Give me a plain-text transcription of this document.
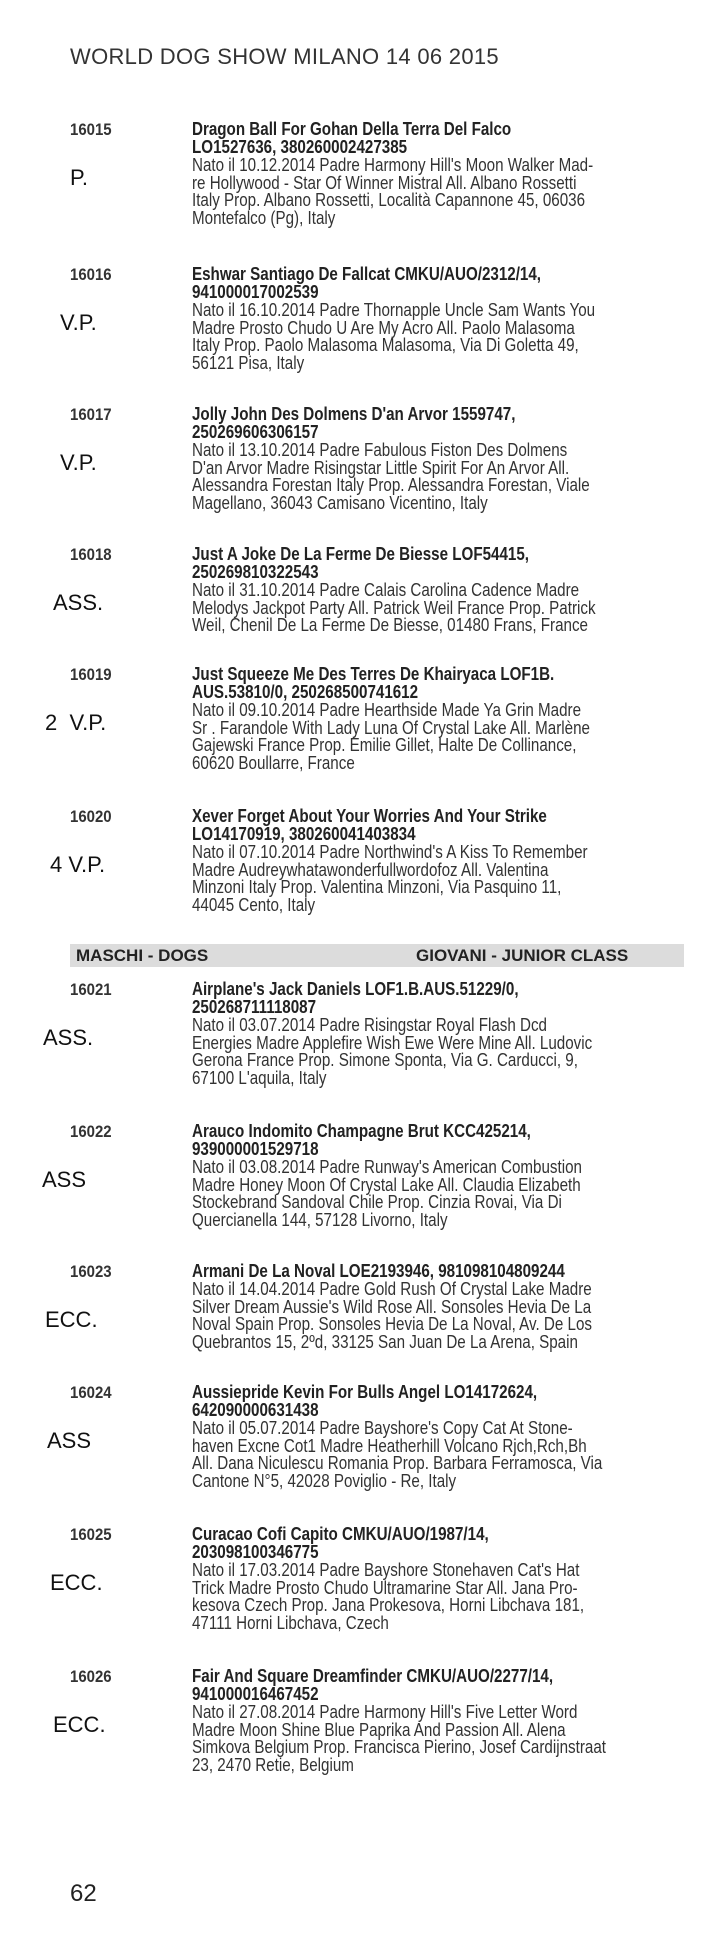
WORLD DOG SHOW MILANO 14 06 2015
16015
P.
Dragon Ball For Gohan Della Terra Del Falco
LO1527636, 380260002427385
Nato il 10.12.2014 Padre Harmony Hill's Moon Walker Mad-
re Hollywood - Star Of Winner Mistral All. Albano Rossetti
Italy Prop. Albano Rossetti, Località Capannone 45, 06036
Montefalco (Pg), Italy
16016
V.P.
Eshwar Santiago De Fallcat CMKU/AUO/2312/14,
941000017002539
Nato il 16.10.2014 Padre Thornapple Uncle Sam Wants You
Madre Prosto Chudo U Are My Acro All. Paolo Malasoma
Italy Prop. Paolo Malasoma Malasoma, Via Di Goletta 49,
56121 Pisa, Italy
16017
V.P.
Jolly John Des Dolmens D'an Arvor 1559747,
250269606306157
Nato il 13.10.2014 Padre Fabulous Fiston Des Dolmens
D'an Arvor Madre Risingstar Little Spirit For An Arvor All.
Alessandra Forestan Italy Prop. Alessandra Forestan, Viale
Magellano, 36043 Camisano Vicentino, Italy
16018
ASS.
Just A Joke De La Ferme De Biesse LOF54415,
250269810322543
Nato il 31.10.2014 Padre Calais Carolina Cadence Madre
Melodys Jackpot Party All. Patrick Weil France Prop. Patrick
Weil, Chenil De La Ferme De Biesse, 01480 Frans, France
16019
2  V.P.
Just Squeeze Me Des Terres De Khairyaca LOF1B.
AUS.53810/0, 250268500741612
Nato il 09.10.2014 Padre Hearthside Made Ya Grin Madre
Sr . Farandole With Lady Luna Of Crystal Lake All. Marlène
Gajewski France Prop. Emilie Gillet, Halte De Collinance,
60620 Boullarre, France
16020
4 V.P.
Xever Forget About Your Worries And Your Strike
LO14170919, 380260041403834
Nato il 07.10.2014 Padre Northwind's A Kiss To Remember
Madre Audreywhatawonderfullwordofoz All. Valentina
Minzoni Italy Prop. Valentina Minzoni, Via Pasquino 11,
44045 Cento, Italy
16021
ASS.
Airplane's Jack Daniels LOF1.B.AUS.51229/0,
250268711118087
Nato il 03.07.2014 Padre Risingstar Royal Flash Dcd
Energies Madre Applefire Wish Ewe Were Mine All. Ludovic
Gerona France Prop. Simone Sponta, Via G. Carducci, 9,
67100 L'aquila, Italy
16022
ASS
Arauco Indomito Champagne Brut KCC425214,
939000001529718
Nato il 03.08.2014 Padre Runway's American Combustion
Madre Honey Moon Of Crystal Lake All. Claudia Elizabeth
Stockebrand Sandoval Chile Prop. Cinzia Rovai, Via Di
Quercianella 144, 57128 Livorno, Italy
16023
ECC.
Armani De La Noval LOE2193946, 981098104809244
Nato il 14.04.2014 Padre Gold Rush Of Crystal Lake Madre
Silver Dream Aussie's Wild Rose All. Sonsoles Hevia De La
Noval Spain Prop. Sonsoles Hevia De La Noval, Av. De Los
Quebrantos 15, 2ºd, 33125 San Juan De La Arena, Spain
16024
ASS
Aussiepride Kevin For Bulls Angel LO14172624,
642090000631438
Nato il 05.07.2014 Padre Bayshore's Copy Cat At Stone-
haven Excne Cot1 Madre Heatherhill Volcano Rjch,Rch,Bh
All. Dana Niculescu Romania Prop. Barbara Ferramosca, Via
Cantone N°5, 42028 Poviglio - Re, Italy
16025
ECC.
Curacao Cofi Capito CMKU/AUO/1987/14,
203098100346775
Nato il 17.03.2014 Padre Bayshore Stonehaven Cat's Hat
Trick Madre Prosto Chudo Ultramarine Star All. Jana Pro-
kesova Czech Prop. Jana Prokesova, Horni Libchava 181,
47111 Horni Libchava, Czech
16026
ECC.
Fair And Square Dreamfinder CMKU/AUO/2277/14,
941000016467452
Nato il 27.08.2014 Padre Harmony Hill's Five Letter Word
Madre Moon Shine Blue Paprika And Passion All. Alena
Simkova Belgium Prop. Francisca Pierino, Josef Cardijnstraat
23, 2470 Retie, Belgium
MASCHI - DOGS	GIOVANI - JUNIOR CLASS
62
